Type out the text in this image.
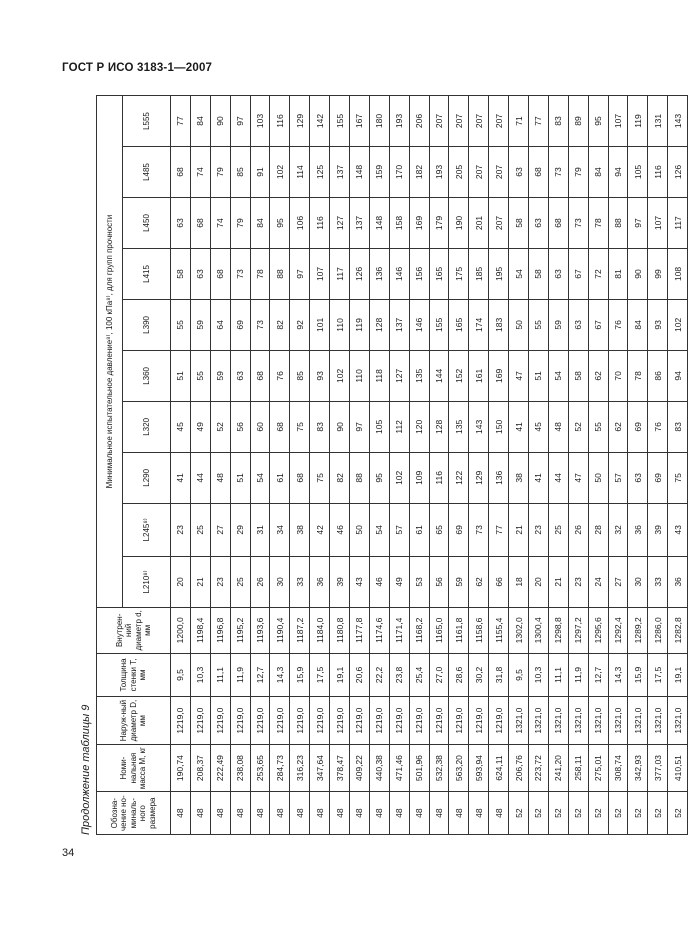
ГОСТ Р ИСО 3183-1—2007
Продолжение таблицы 9 Обозна-чение но-миналь-ного размера	Номи-нальная масса M, кг	Наруж-ный диаметр D, мм	Толщина стенки T, мм	Внутрен-ний диаметр d, мм	Минимальное испытательное давление⁸⁾, 100 кПа⁸⁾, для групп прочности									
					L210⁸⁾	L245⁸⁾	L290	L320	L360	L390	L415	L450	L485	L555
48	190,74	1219,0	9,5	1200,0	20	23	41	45	51	55	58	63	68	77
48	208,37	1219,0	10,3	1198,4	21	25	44	49	55	59	63	68	74	84
48	222,49	1219,0	11,1	1196,8	23	27	48	52	59	64	68	74	79	90
48	238,08	1219,0	11,9	1195,2	25	29	51	56	63	69	73	79	85	97
48	253,65	1219,0	12,7	1193,6	26	31	54	60	68	73	78	84	91	103
48	284,73	1219,0	14,3	1190,4	30	34	61	68	76	82	88	95	102	116
48	316,23	1219,0	15,9	1187,2	33	38	68	75	85	92	97	106	114	129
48	347,64	1219,0	17,5	1184,0	36	42	75	83	93	101	107	116	125	142
48	378,47	1219,0	19,1	1180,8	39	46	82	90	102	110	117	127	137	155
48	409,22	1219,0	20,6	1177,8	43	50	88	97	110	119	126	137	148	167
48	440,38	1219,0	22,2	1174,6	46	54	95	105	118	128	136	148	159	180
48	471,46	1219,0	23,8	1171,4	49	57	102	112	127	137	146	158	170	193
48	501,96	1219,0	25,4	1168,2	53	61	109	120	135	146	156	169	182	206
48	532,38	1219,0	27,0	1165,0	56	65	116	128	144	155	165	179	193	207
48	563,20	1219,0	28,6	1161,8	59	69	122	135	152	165	175	190	205	207
48	593,94	1219,0	30,2	1158,6	62	73	129	143	161	174	185	201	207	207
48	624,11	1219,0	31,8	1155,4	66	77	136	150	169	183	195	207	207	207
52	206,76	1321,0	9,5	1302,0	18	21	38	41	47	50	54	58	63	71
52	223,72	1321,0	10,3	1300,4	20	23	41	45	51	55	58	63	68	77
52	241,20	1321,0	11,1	1298,8	21	25	44	48	54	59	63	68	73	83
52	258,11	1321,0	11,9	1297,2	23	26	47	52	58	63	67	73	79	89
52	275,01	1321,0	12,7	1295,6	24	28	50	55	62	67	72	78	84	95
52	308,74	1321,0	14,3	1292,4	27	32	57	62	70	76	81	88	94	107
52	342,93	1321,0	15,9	1289,2	30	36	63	69	78	84	90	97	105	119
52	377,03	1321,0	17,5	1286,0	33	39	69	76	86	93	99	107	116	131
52	410,51	1321,0	19,1	1282,8	36	43	75	83	94	102	108	117	126	143
34
